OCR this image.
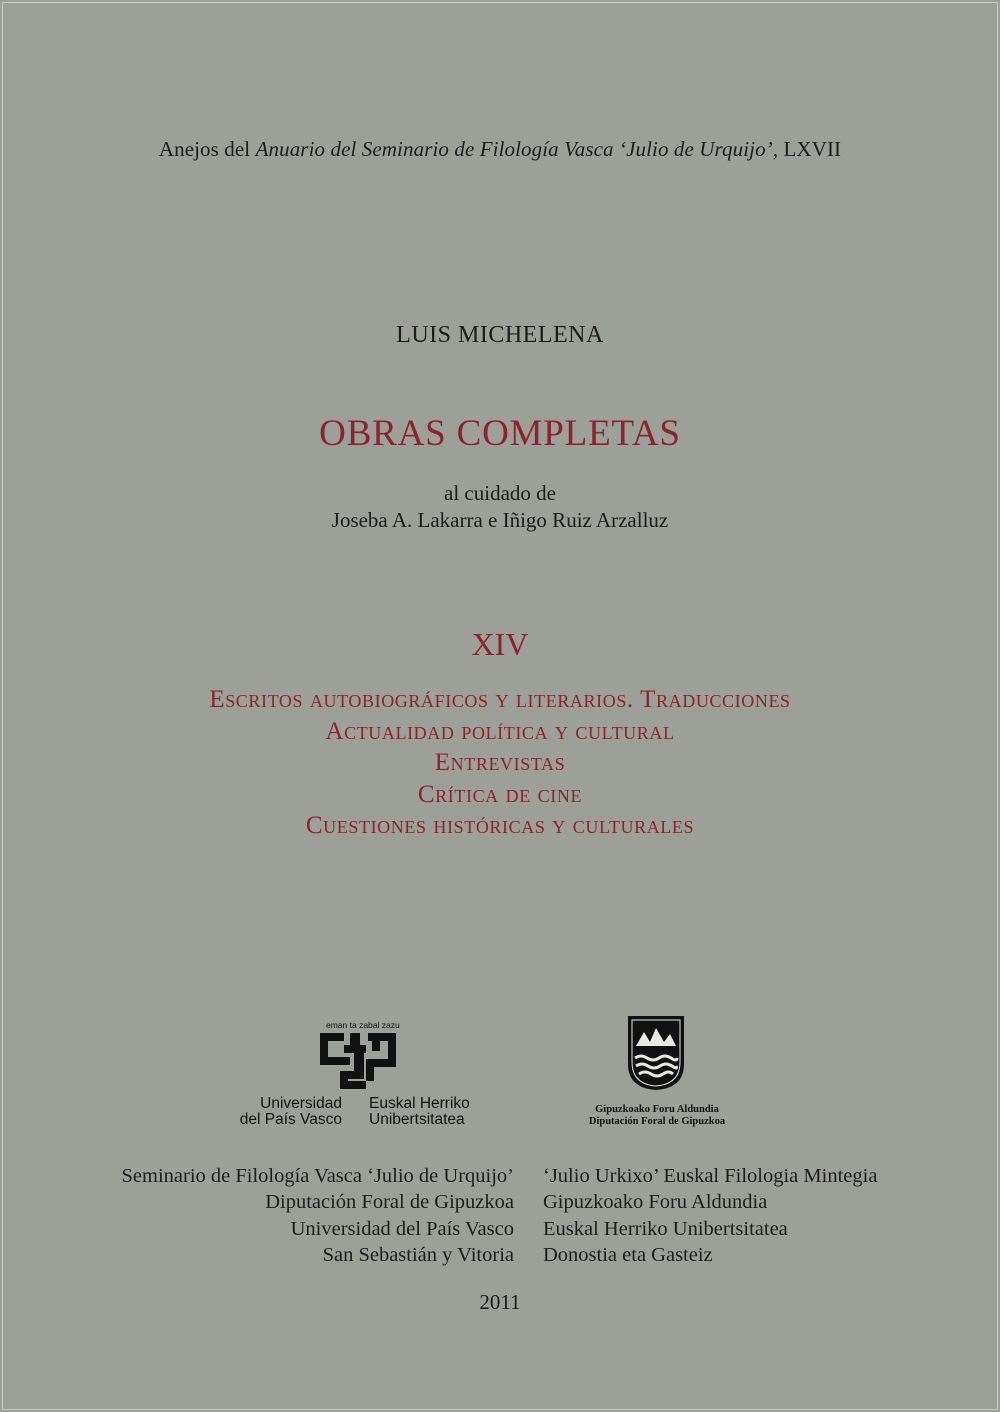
Anejos del Anuario del Seminario de Filología Vasca ‘Julio de Urquijo’, LXVII
LUIS MICHELENA
OBRAS COMPLETAS
al cuidado de
Joseba A. Lakarra e Iñigo Ruiz Arzalluz
XIV
Escritos autobiográficos y literarios. Traducciones
Actualidad política y cultural
Entrevistas
Crítica de cine
Cuestiones históricas y culturales
eman ta zabal zazu
Universidad
del País Vasco
Euskal Herriko
Unibertsitatea
Gipuzkoako Foru Aldundia
Diputación Foral de Gipuzkoa
Seminario de Filología Vasca ‘Julio de Urquijo’
Diputación Foral de Gipuzkoa
Universidad del País Vasco
San Sebastián y Vitoria
‘Julio Urkixo’ Euskal Filologia Mintegia
Gipuzkoako Foru Aldundia
Euskal Herriko Unibertsitatea
Donostia eta Gasteiz
2011
